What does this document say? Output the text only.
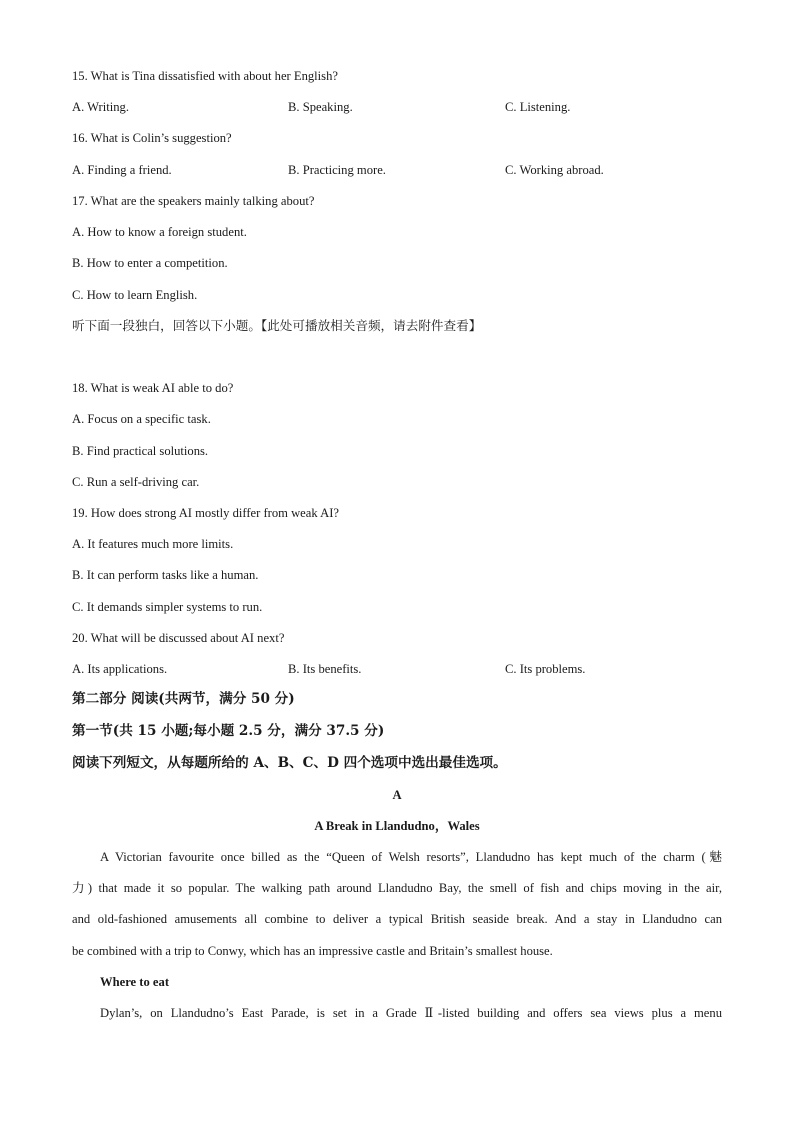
15. What is Tina dissatisfied with about her English?
A. Writing.	B. Speaking.	C. Listening.
16. What is Colin’s suggestion?
A. Finding a friend.	B. Practicing more.	C. Working abroad.
17. What are the speakers mainly talking about?
A. How to know a foreign student.
B. How to enter a competition.
C. How to learn English.
听下面一段独白，回答以下小题。【此处可播放相关音频，请去附件查看】
18. What is weak AI able to do?
A. Focus on a specific task.
B. Find practical solutions.
C. Run a self-driving car.
19. How does strong AI mostly differ from weak AI?
A. It features much more limits.
B. It can perform tasks like a human.
C. It demands simpler systems to run.
20. What will be discussed about AI next?
A. Its applications.	B. Its benefits.	C. Its problems.
第二部分 阅读(共两节，满分 50 分)
第一节(共 15 小题;每小题 2.5 分，满分 37.5 分)
阅读下列短文，从每题所给的 A、B、C、D 四个选项中选出最佳选项。
A
A Break in Llandudno，Wales
A Victorian favourite once billed as the “Queen of Welsh resorts”, Llandudno has kept much of the charm (魅
力) that made it so popular. The walking path around Llandudno Bay, the smell of fish and chips moving in the air,
and old-fashioned amusements all combine to deliver a typical British seaside break. And a stay in Llandudno can
be combined with a trip to Conwy, which has an impressive castle and Britain’s smallest house.
Where to eat
Dylan’s, on Llandudno’s East Parade, is set in a Grade Ⅱ-listed building and offers sea views plus a menu
